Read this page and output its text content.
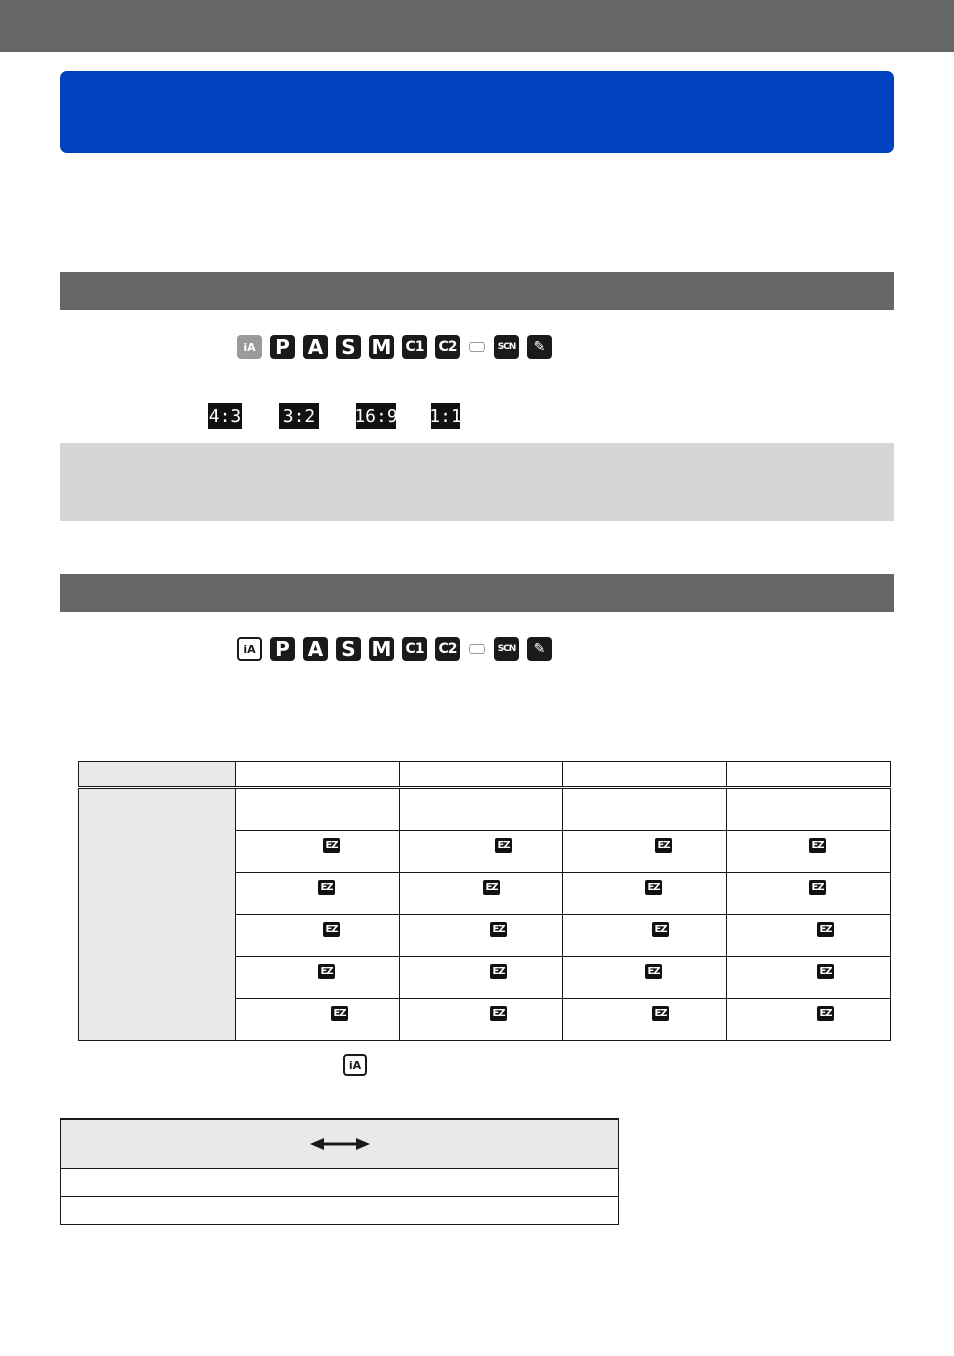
iA P A S M C1 C2	SCN ✎
4:3 3:2 16:9 1:1
iA P A S M C1 C2	SCN ✎

EZ	EZ	EZ	EZ

EZ	EZ	EZ	EZ

EZ	EZ	EZ	EZ

EZ	EZ	EZ	EZ

EZ	EZ	EZ	EZ
iA
